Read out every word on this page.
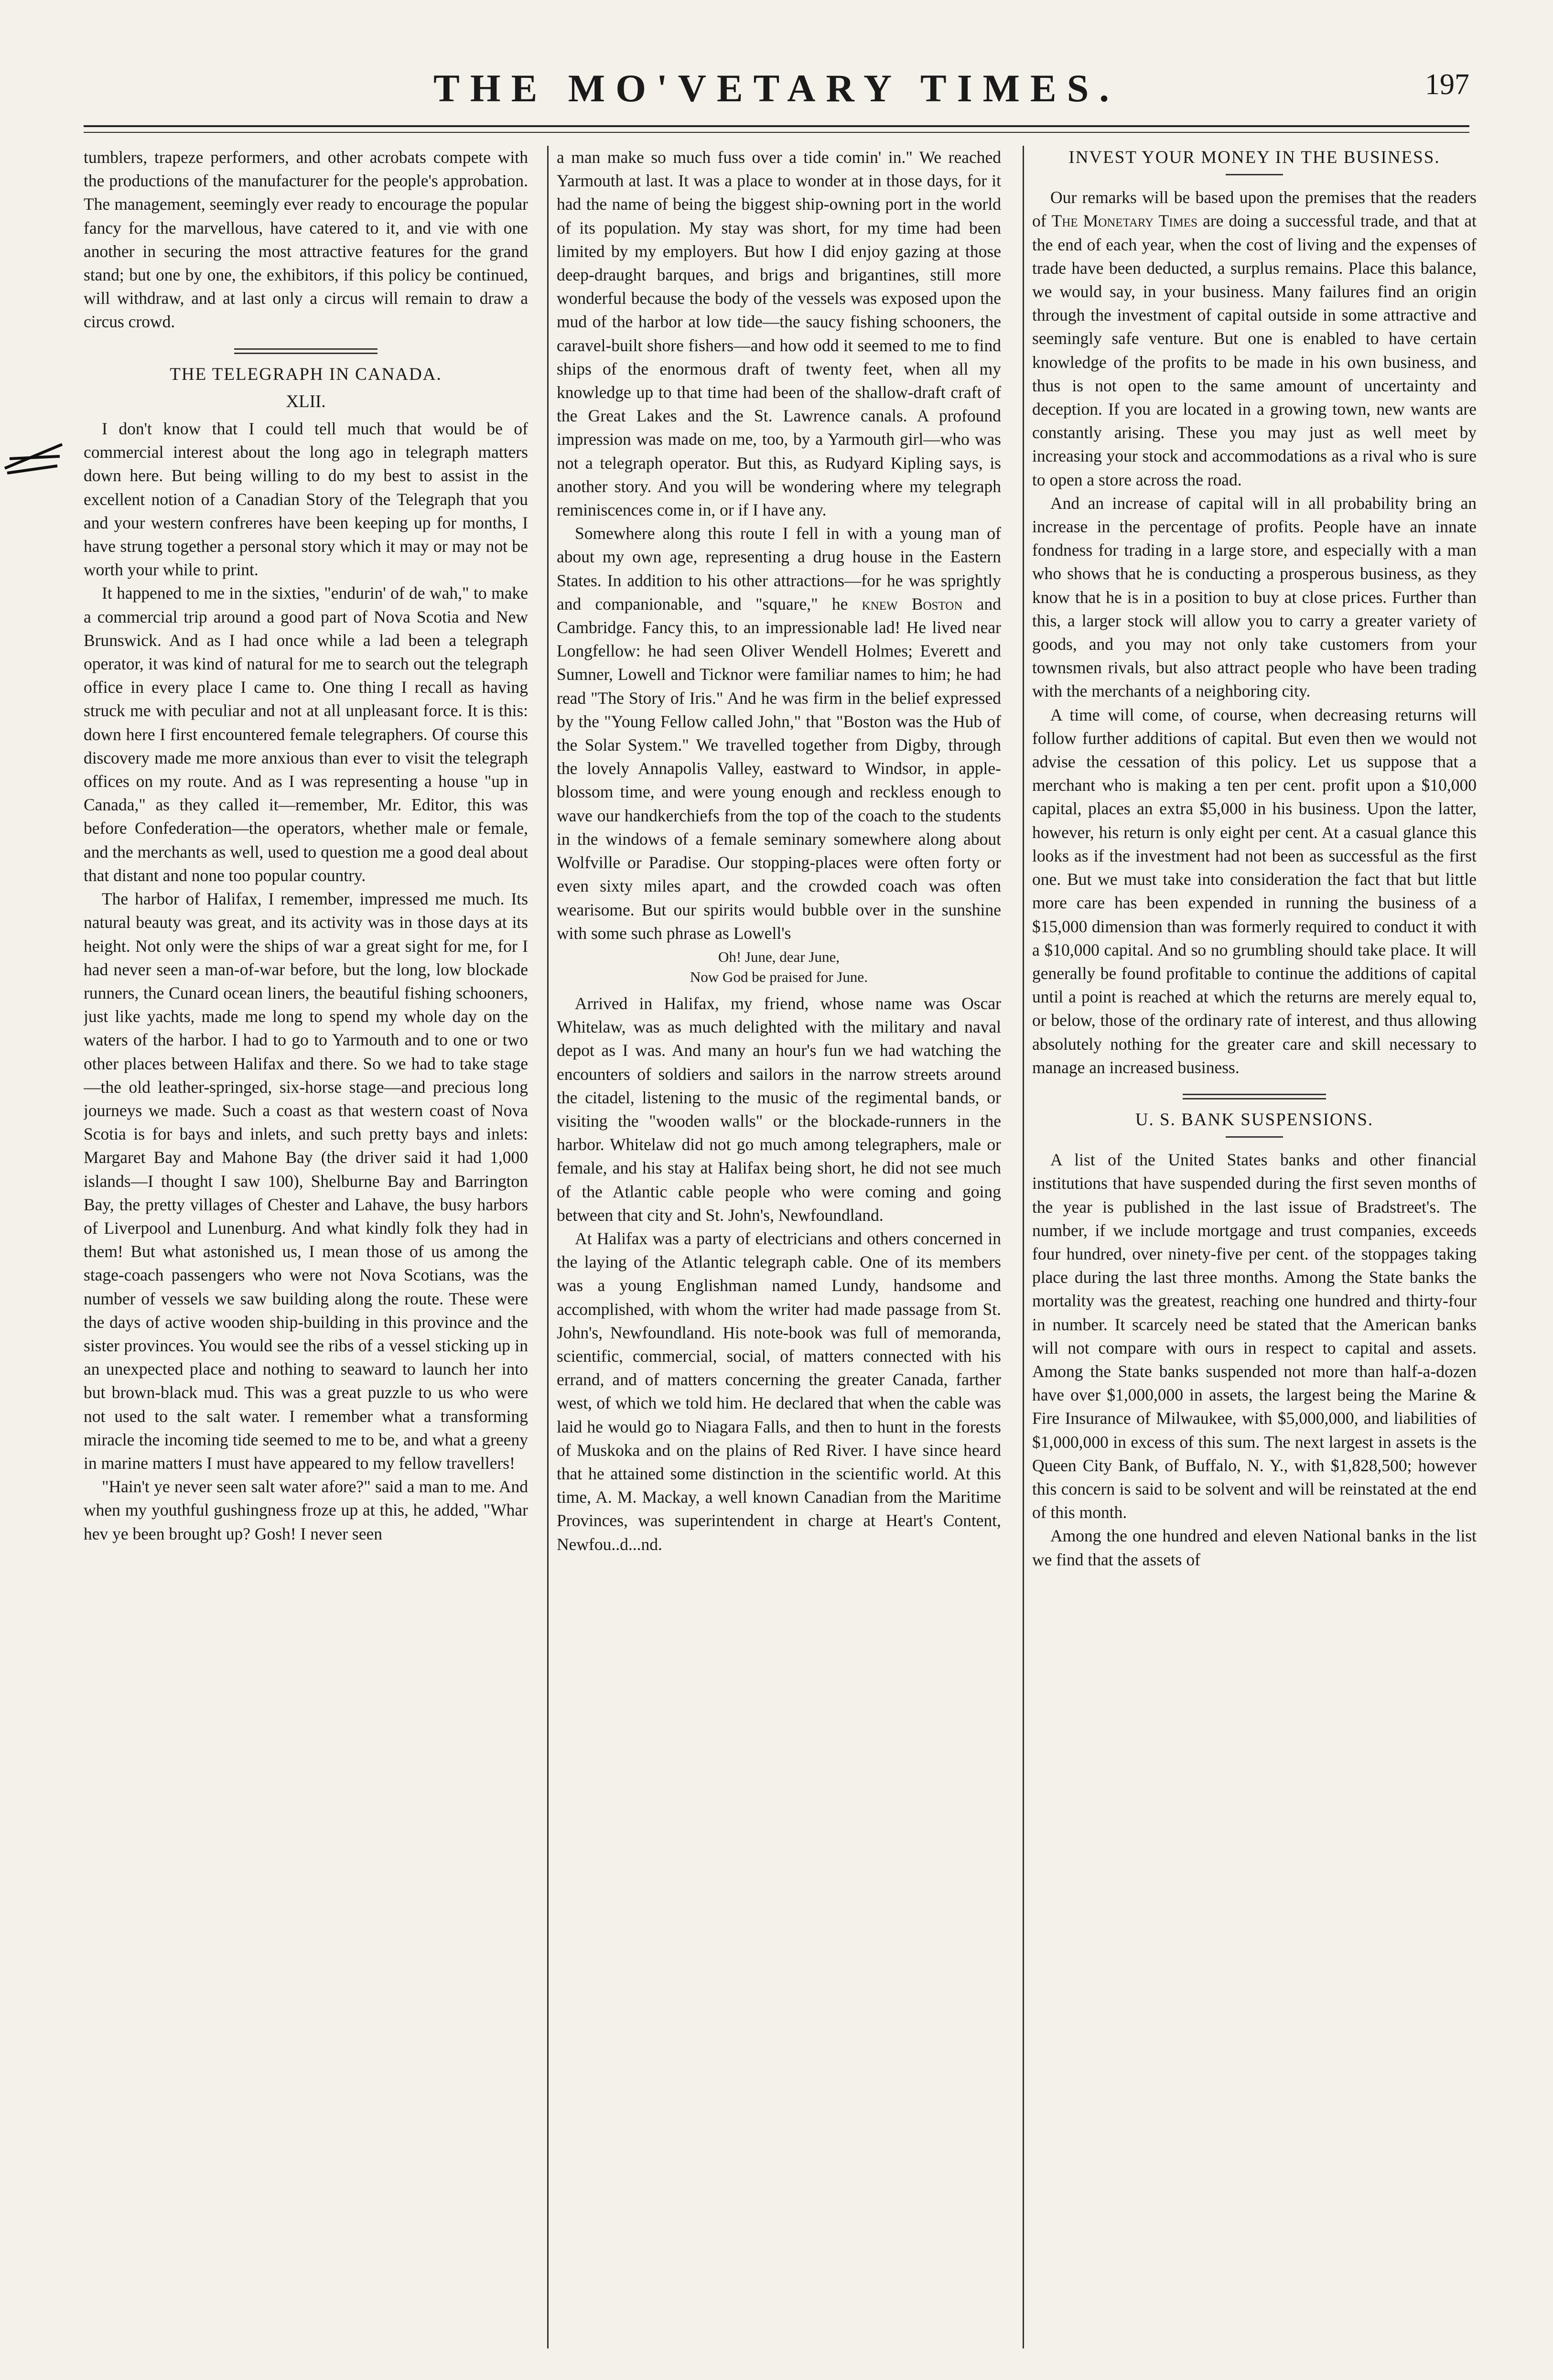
THE MO'VETARY TIMES.	197

tumblers, trapeze performers, and other acrobats compete with the productions of the manufacturer for the people's approbation. The management, seemingly ever ready to encourage the popular fancy for the marvellous, have catered to it, and vie with one another in securing the most attractive features for the grand stand; but one by one, the exhibitors, if this policy be continued, will withdraw, and at last only a circus will remain to draw a circus crowd.

THE TELEGRAPH IN CANADA.
XLII.

I don't know that I could tell much that would be of commercial interest about the long ago in telegraph matters down here. But being willing to do my best to assist in the excellent notion of a Canadian Story of the Telegraph that you and your western confreres have been keeping up for months, I have strung together a personal story which it may or may not be worth your while to print.

It happened to me in the sixties, "endurin' of de wah," to make a commercial trip around a good part of Nova Scotia and New Brunswick. And as I had once while a lad been a telegraph operator, it was kind of natural for me to search out the telegraph office in every place I came to. One thing I recall as having struck me with peculiar and not at all unpleasant force. It is this: down here I first encountered female telegraphers. Of course this discovery made me more anxious than ever to visit the telegraph offices on my route. And as I was representing a house "up in Canada," as they called it—remember, Mr. Editor, this was before Confederation—the operators, whether male or female, and the merchants as well, used to question me a good deal about that distant and none too popular country.

The harbor of Halifax, I remember, impressed me much. Its natural beauty was great, and its activity was in those days at its height. Not only were the ships of war a great sight for me, for I had never seen a man-of-war before, but the long, low blockade runners, the Cunard ocean liners, the beautiful fishing schooners, just like yachts, made me long to spend my whole day on the waters of the harbor. I had to go to Yarmouth and to one or two other places between Halifax and there. So we had to take stage—the old leather-springed, six-horse stage—and precious long journeys we made. Such a coast as that western coast of Nova Scotia is for bays and inlets, and such pretty bays and inlets: Margaret Bay and Mahone Bay (the driver said it had 1,000 islands—I thought I saw 100), Shelburne Bay and Barrington Bay, the pretty villages of Chester and Lahave, the busy harbors of Liverpool and Lunenburg. And what kindly folk they had in them! But what astonished us, I mean those of us among the stage-coach passengers who were not Nova Scotians, was the number of vessels we saw building along the route. These were the days of active wooden ship-building in this province and the sister provinces. You would see the ribs of a vessel sticking up in an unexpected place and nothing to seaward to launch her into but brown-black mud. This was a great puzzle to us who were not used to the salt water. I remember what a transforming miracle the incoming tide seemed to me to be, and what a greeny in marine matters I must have appeared to my fellow travellers!

"Hain't ye never seen salt water afore?" said a man to me. And when my youthful gushingness froze up at this, he added, "Whar hev ye been brought up? Gosh! I never seen

a man make so much fuss over a tide comin' in." We reached Yarmouth at last. It was a place to wonder at in those days, for it had the name of being the biggest ship-owning port in the world of its population. My stay was short, for my time had been limited by my employers. But how I did enjoy gazing at those deep-draught barques, and brigs and brigantines, still more wonderful because the body of the vessels was exposed upon the mud of the harbor at low tide—the saucy fishing schooners, the caravel-built shore fishers—and how odd it seemed to me to find ships of the enormous draft of twenty feet, when all my knowledge up to that time had been of the shallow-draft craft of the Great Lakes and the St. Lawrence canals. A profound impression was made on me, too, by a Yarmouth girl—who was not a telegraph operator. But this, as Rudyard Kipling says, is another story. And you will be wondering where my telegraph reminiscences come in, or if I have any.

Somewhere along this route I fell in with a young man of about my own age, representing a drug house in the Eastern States. In addition to his other attractions—for he was sprightly and companionable, and "square," he knew Boston and Cambridge. Fancy this, to an impressionable lad! He lived near Longfellow: he had seen Oliver Wendell Holmes; Everett and Sumner, Lowell and Ticknor were familiar names to him; he had read "The Story of Iris." And he was firm in the belief expressed by the "Young Fellow called John," that "Boston was the Hub of the Solar System." We travelled together from Digby, through the lovely Annapolis Valley, eastward to Windsor, in apple-blossom time, and were young enough and reckless enough to wave our handkerchiefs from the top of the coach to the students in the windows of a female seminary somewhere along about Wolfville or Paradise. Our stopping-places were often forty or even sixty miles apart, and the crowded coach was often wearisome. But our spirits would bubble over in the sunshine with some such phrase as Lowell's

Oh! June, dear June,
Now God be praised for June.

Arrived in Halifax, my friend, whose name was Oscar Whitelaw, was as much delighted with the military and naval depot as I was. And many an hour's fun we had watching the encounters of soldiers and sailors in the narrow streets around the citadel, listening to the music of the regimental bands, or visiting the "wooden walls" or the blockade-runners in the harbor. Whitelaw did not go much among telegraphers, male or female, and his stay at Halifax being short, he did not see much of the Atlantic cable people who were coming and going between that city and St. John's, Newfoundland.

At Halifax was a party of electricians and others concerned in the laying of the Atlantic telegraph cable. One of its members was a young Englishman named Lundy, handsome and accomplished, with whom the writer had made passage from St. John's, Newfoundland. His note-book was full of memoranda, scientific, commercial, social, of matters connected with his errand, and of matters concerning the greater Canada, farther west, of which we told him. He declared that when the cable was laid he would go to Niagara Falls, and then to hunt in the forests of Muskoka and on the plains of Red River. I have since heard that he attained some distinction in the scientific world. At this time, A. M. Mackay, a well known Canadian from the Maritime Provinces, was superintendent in charge at Heart's Content, Newfou..d...nd.

INVEST YOUR MONEY IN THE BUSINESS.

Our remarks will be based upon the premises that the readers of The Monetary Times are doing a successful trade, and that at the end of each year, when the cost of living and the expenses of trade have been deducted, a surplus remains. Place this balance, we would say, in your business. Many failures find an origin through the investment of capital outside in some attractive and seemingly safe venture. But one is enabled to have certain knowledge of the profits to be made in his own business, and thus is not open to the same amount of uncertainty and deception. If you are located in a growing town, new wants are constantly arising. These you may just as well meet by increasing your stock and accommodations as a rival who is sure to open a store across the road.

And an increase of capital will in all probability bring an increase in the percentage of profits. People have an innate fondness for trading in a large store, and especially with a man who shows that he is conducting a prosperous business, as they know that he is in a position to buy at close prices. Further than this, a larger stock will allow you to carry a greater variety of goods, and you may not only take customers from your townsmen rivals, but also attract people who have been trading with the merchants of a neighboring city.

A time will come, of course, when decreasing returns will follow further additions of capital. But even then we would not advise the cessation of this policy. Let us suppose that a merchant who is making a ten per cent. profit upon a $10,000 capital, places an extra $5,000 in his business. Upon the latter, however, his return is only eight per cent. At a casual glance this looks as if the investment had not been as successful as the first one. But we must take into consideration the fact that but little more care has been expended in running the business of a $15,000 dimension than was formerly required to conduct it with a $10,000 capital. And so no grumbling should take place. It will generally be found profitable to continue the additions of capital until a point is reached at which the returns are merely equal to, or below, those of the ordinary rate of interest, and thus allowing absolutely nothing for the greater care and skill necessary to manage an increased business.

U. S. BANK SUSPENSIONS.

A list of the United States banks and other financial institutions that have suspended during the first seven months of the year is published in the last issue of Bradstreet's. The number, if we include mortgage and trust companies, exceeds four hundred, over ninety-five per cent. of the stoppages taking place during the last three months. Among the State banks the mortality was the greatest, reaching one hundred and thirty-four in number. It scarcely need be stated that the American banks will not compare with ours in respect to capital and assets. Among the State banks suspended not more than half-a-dozen have over $1,000,000 in assets, the largest being the Marine & Fire Insurance of Milwaukee, with $5,000,000, and liabilities of $1,000,000 in excess of this sum. The next largest in assets is the Queen City Bank, of Buffalo, N. Y., with $1,828,500; however this concern is said to be solvent and will be reinstated at the end of this month.

Among the one hundred and eleven National banks in the list we find that the assets of
